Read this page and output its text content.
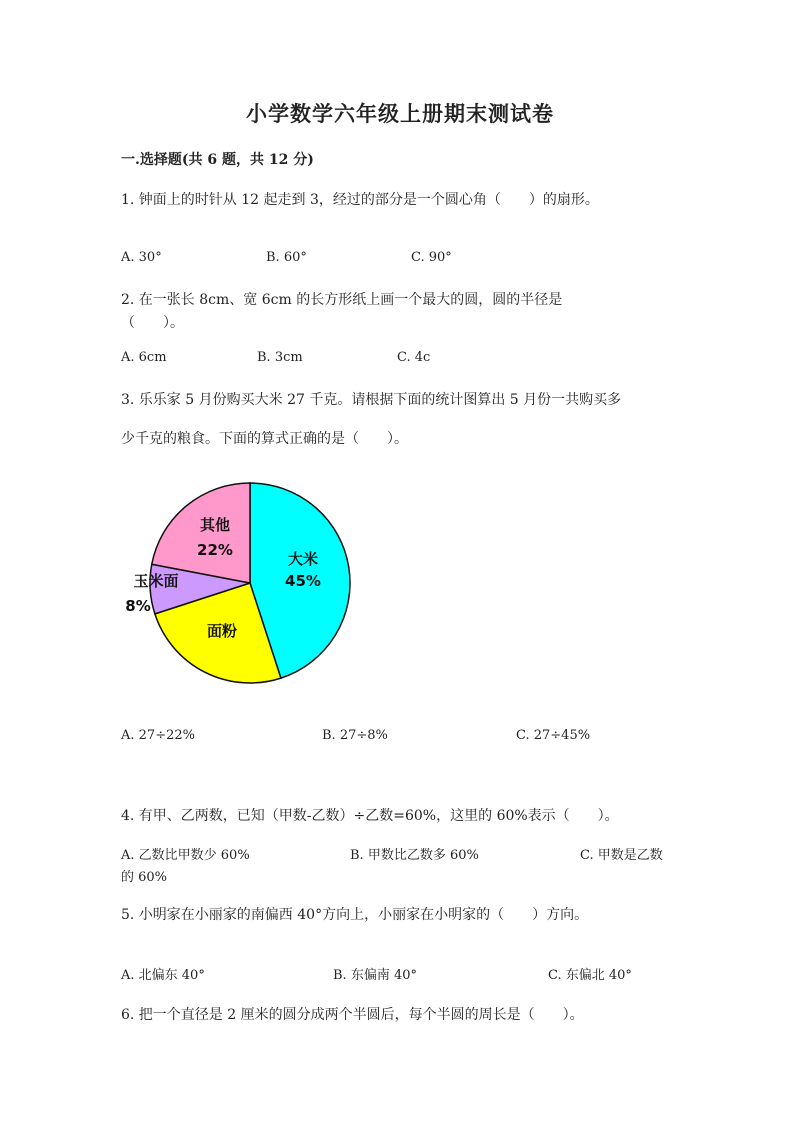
小学数学六年级上册期末测试卷
一.选择题(共 6 题，共 12 分)
1. 钟面上的时针从 12 起走到 3，经过的部分是一个圆心角（　　）的扇形。
A. 30°	B. 60°	C. 90°
2. 在一张长 8cm、宽 6cm 的长方形纸上画一个最大的圆，圆的半径是
（　　）。
A. 6cm	B. 3cm	C. 4c
3. 乐乐家 5 月份购买大米 27 千克。请根据下面的统计图算出 5 月份一共购买多
少千克的粮食。下面的算式正确的是（　　）。
大米
45%
面粉
玉米面
8%
其他
22%
A. 27÷22%	B. 27÷8%	C. 27÷45%
4. 有甲、乙两数，已知（甲数-乙数）÷乙数=60%，这里的 60%表示（　　）。
A. 乙数比甲数少 60%	B. 甲数比乙数多 60%	C. 甲数是乙数
的 60%
5. 小明家在小丽家的南偏西 40°方向上，小丽家在小明家的（　　）方向。
A. 北偏东 40°	B. 东偏南 40°	C. 东偏北 40°
6. 把一个直径是 2 厘米的圆分成两个半圆后，每个半圆的周长是（　　）。
